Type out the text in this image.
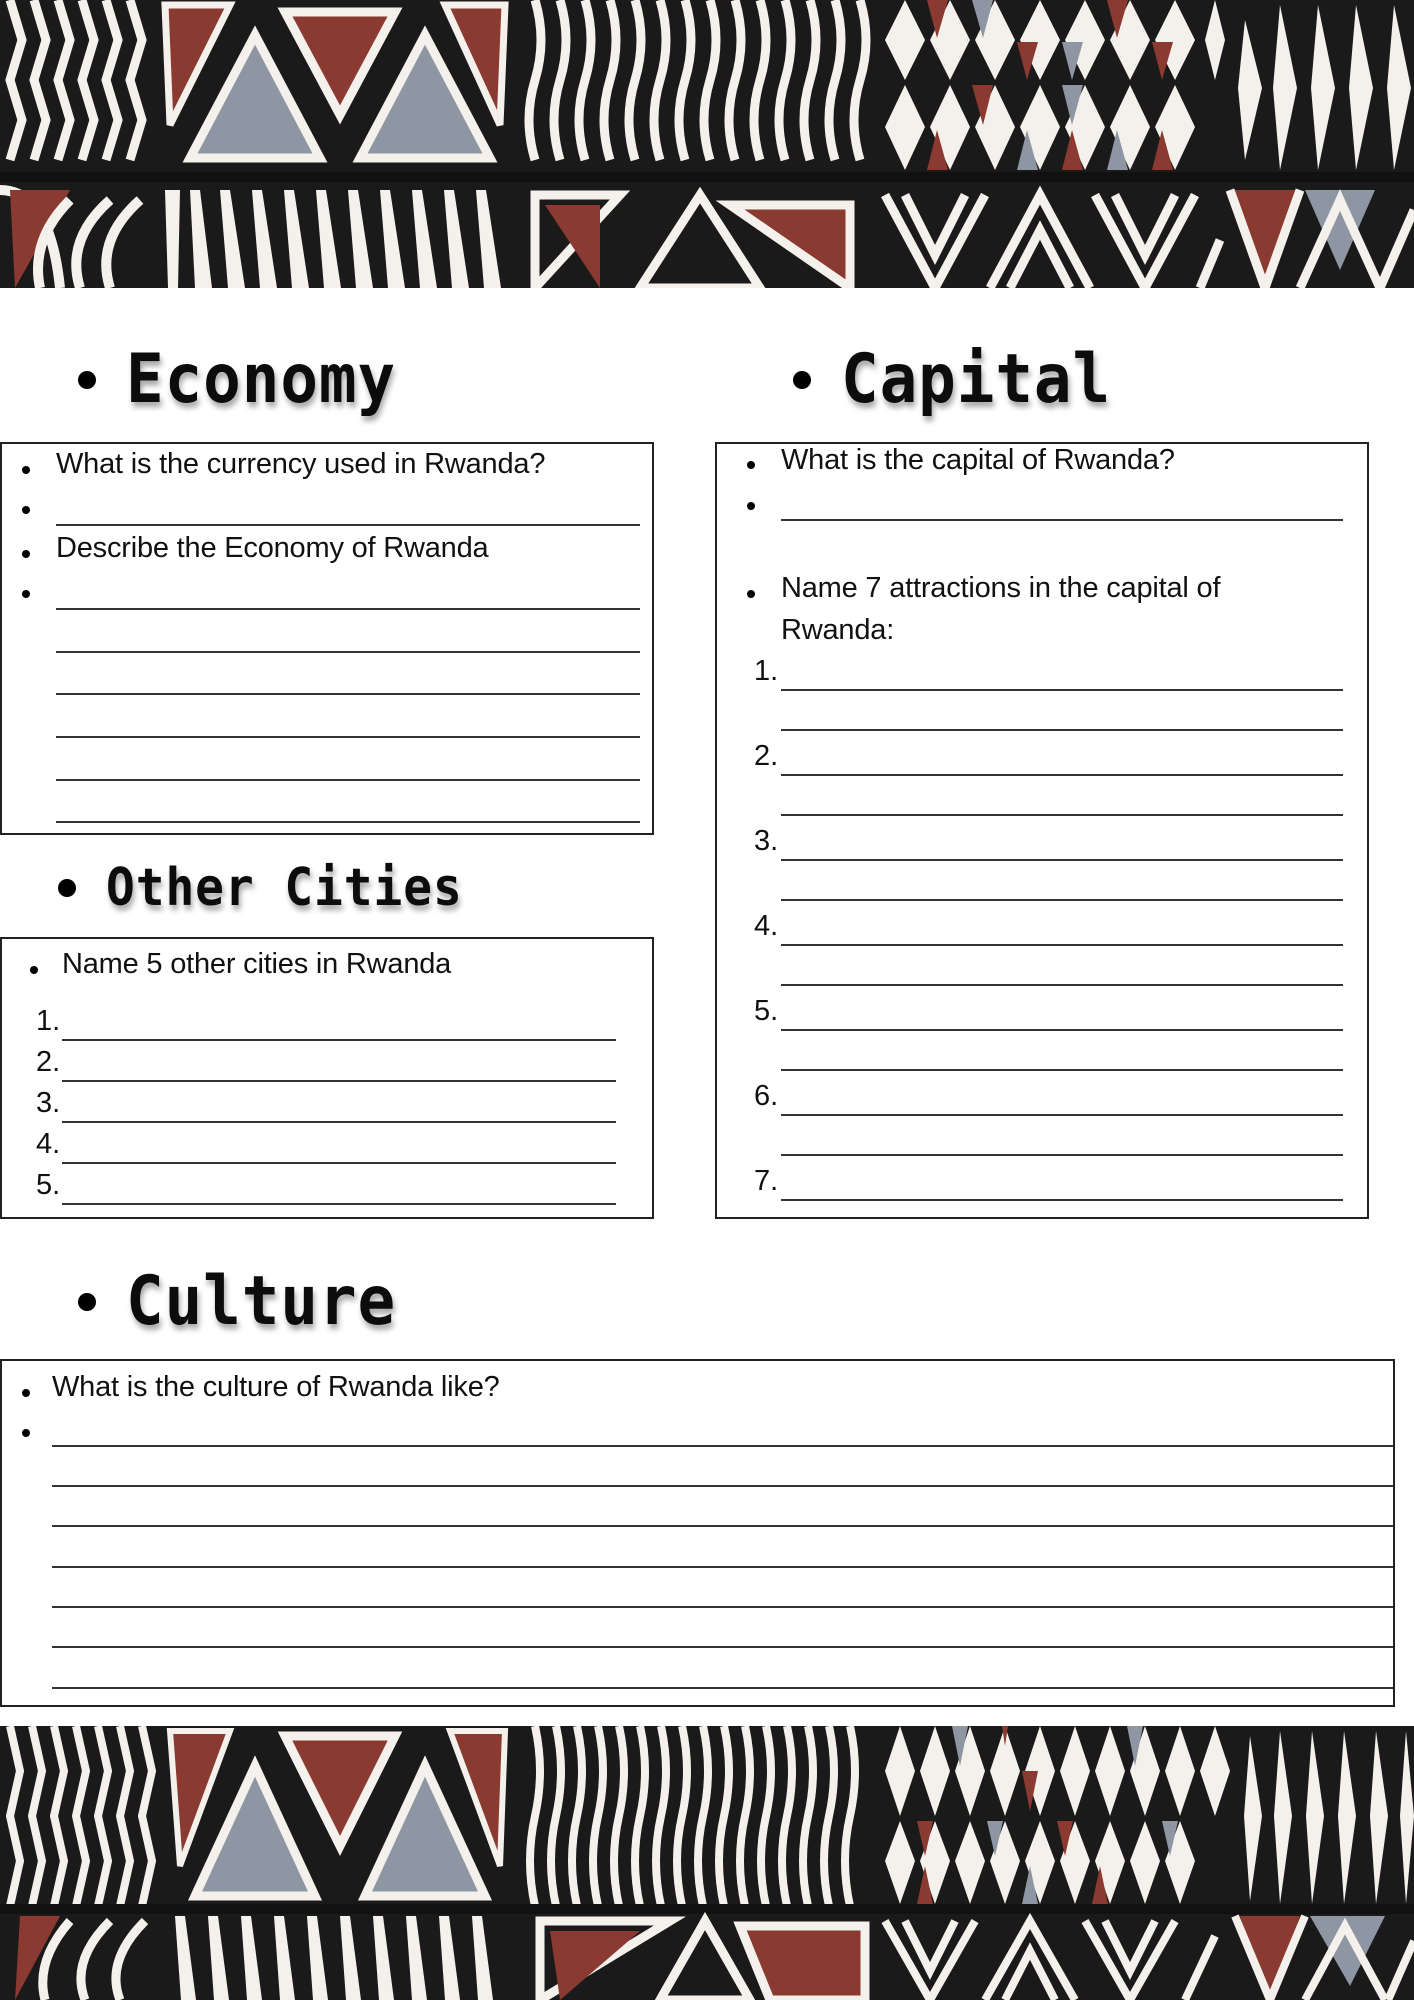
Economy
What is the currency used in Rwanda?
Describe the Economy of Rwanda
Capital
What is the capital of Rwanda?
Name 7 attractions in the capital of
Rwanda:
1.
2.
3.
4.
5.
6.
7.
Other Cities
Name 5 other cities in Rwanda
1.
2.
3.
4.
5.
Culture
What is the culture of Rwanda like?
